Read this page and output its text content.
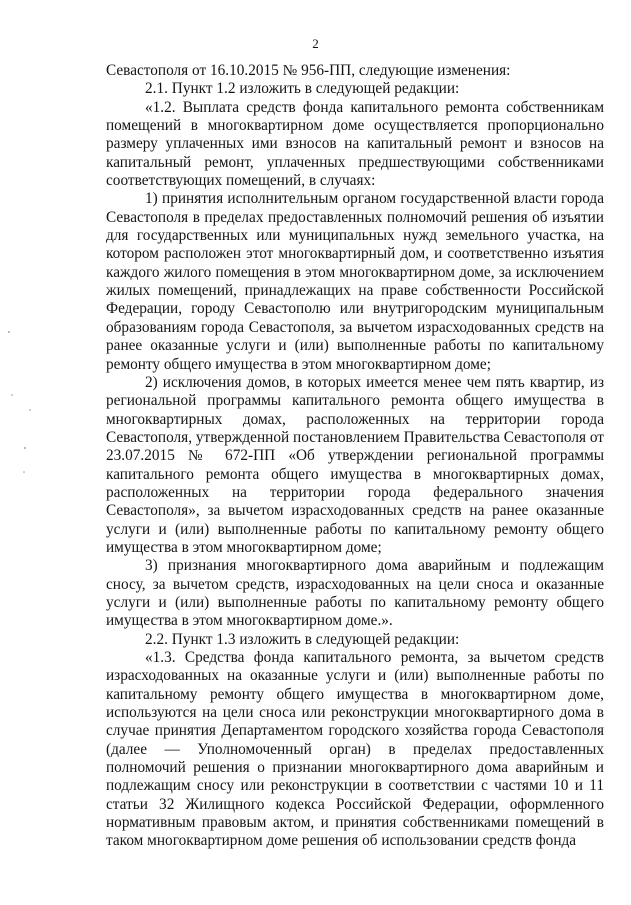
2

Севастополя от 16.10.2015 № 956-ПП, следующие изменения:

2.1. Пункт 1.2 изложить в следующей редакции:

«1.2. Выплата средств фонда капитального ремонта собственникам помещений в многоквартирном доме осуществляется пропорционально размеру уплаченных ими взносов на капитальный ремонт и взносов на капитальный ремонт, уплаченных предшествующими собственниками соответствующих помещений, в случаях:

1) принятия исполнительным органом государственной власти города Севастополя в пределах предоставленных полномочий решения об изъятии для государственных или муниципальных нужд земельного участка, на котором расположен этот многоквартирный дом, и соответственно изъятия каждого жилого помещения в этом многоквартирном доме, за исключением жилых помещений, принадлежащих на праве собственности Российской Федерации, городу Севастополю или внутригородским муниципальным образованиям города Севастополя, за вычетом израсходованных средств на ранее оказанные услуги и (или) выполненные работы по капитальному ремонту общего имущества в этом многоквартирном доме;

2) исключения домов, в которых имеется менее чем пять квартир, из региональной программы капитального ремонта общего имущества в многоквартирных домах, расположенных на территории города Севастополя, утвержденной постановлением Правительства Севастополя от 23.07.2015 № 672-ПП «Об утверждении региональной программы капитального ремонта общего имущества в многоквартирных домах, расположенных на территории города федерального значения Севастополя», за вычетом израсходованных средств на ранее оказанные услуги и (или) выполненные работы по капитальному ремонту общего имущества в этом многоквартирном доме;

3) признания многоквартирного дома аварийным и подлежащим сносу, за вычетом средств, израсходованных на цели сноса и оказанные услуги и (или) выполненные работы по капитальному ремонту общего имущества в этом многоквартирном доме.».

2.2. Пункт 1.3 изложить в следующей редакции:

«1.3. Средства фонда капитального ремонта, за вычетом средств израсходованных на оказанные услуги и (или) выполненные работы по капитальному ремонту общего имущества в многоквартирном доме, используются на цели сноса или реконструкции многоквартирного дома в случае принятия Департаментом городского хозяйства города Севастополя (далее — Уполномоченный орган) в пределах предоставленных полномочий решения о признании многоквартирного дома аварийным и подлежащим сносу или реконструкции в соответствии с частями 10 и 11 статьи 32 Жилищного кодекса Российской Федерации, оформленного нормативным правовым актом, и принятия собственниками помещений в таком многоквартирном доме решения об использовании средств фонда
